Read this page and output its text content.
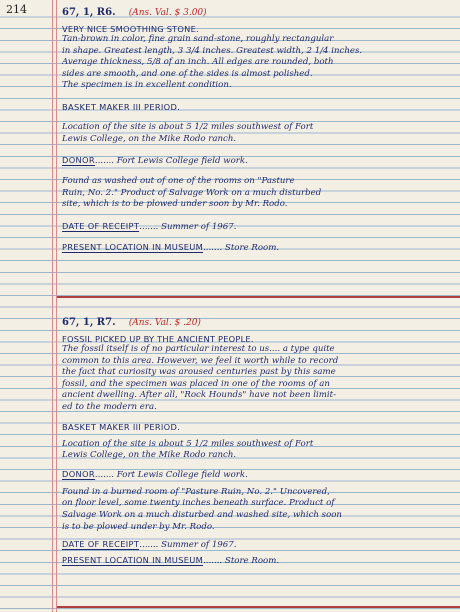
214	67, 1, R6. (Ans. Val. $ 3.00)
VERY NICE SMOOTHING STONE.
Tan-brown in color, fine grain sand-stone, roughly rectangular
in shape. Greatest length, 3 3/4 inches. Greatest width, 2 1/4 inches.
Average thickness, 5/8 of an inch. All edges are rounded, both
sides are smooth, and one of the sides is almost polished.
The specimen is in excellent condition.
BASKET MAKER III PERIOD.
Location of the site is about 5 1/2 miles southwest of Fort
Lewis College, on the Mike Rodo ranch.
DONOR....... Fort Lewis College field work.
Found as washed out of one of the rooms on "Pasture
Ruin, No. 2." Product of Salvage Work on a much disturbed
site, which is to be plowed under soon by Mr. Rodo.
DATE OF RECEIPT....... Summer of 1967.
PRESENT LOCATION IN MUSEUM....... Store Room.
67, 1, R7. (Ans. Val. $ .20)
FOSSIL PICKED UP BY THE ANCIENT PEOPLE.
The fossil itself is of no particular interest to us.... a type quite
common to this area. However, we feel it worth while to record
the fact that curiosity was aroused centuries past by this same
fossil, and the specimen was placed in one of the rooms of an
ancient dwelling. After all, "Rock Hounds" have not been limit-
ed to the modern era.
BASKET MAKER III PERIOD.
Location of the site is about 5 1/2 miles southwest of Fort
Lewis College, on the Mike Rodo ranch.
DONOR....... Fort Lewis College field work.
Found in a burned room of "Pasture Ruin, No. 2." Uncovered,
on floor level, some twenty inches beneath surface. Product of
Salvage Work on a much disturbed and washed site, which soon
is to be plowed under by Mr. Rodo.
DATE OF RECEIPT....... Summer of 1967.
PRESENT LOCATION IN MUSEUM....... Store Room.
